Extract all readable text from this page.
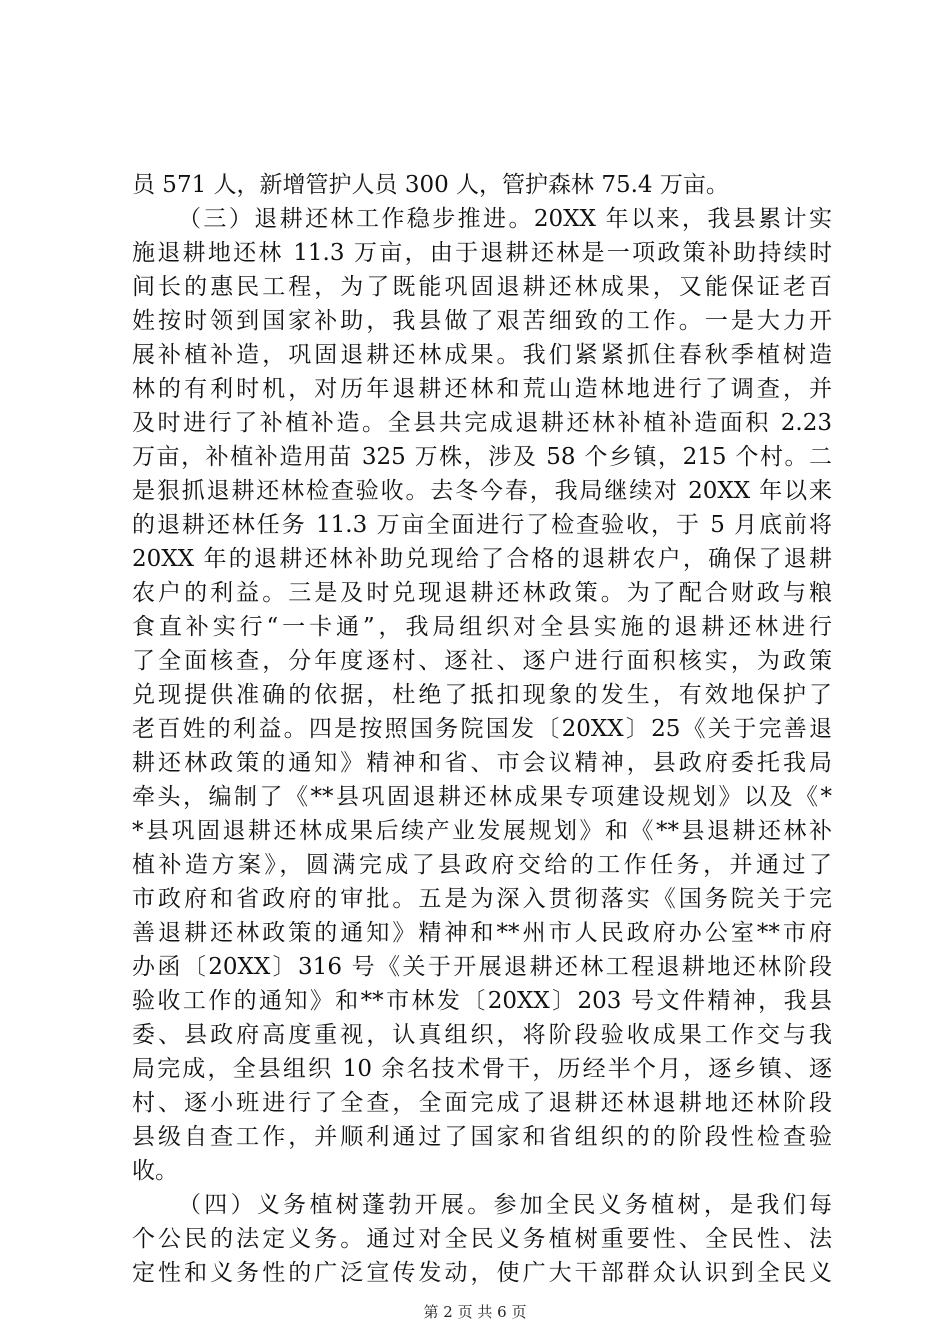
员 571 人，新增管护人员 300 人，管护森林 75.4 万亩。
（三）退耕还林工作稳步推进。20XX 年以来，我县累计实
施退耕地还林 11.3 万亩，由于退耕还林是一项政策补助持续时
间长的惠民工程，为了既能巩固退耕还林成果，又能保证老百
姓按时领到国家补助，我县做了艰苦细致的工作。一是大力开
展补植补造，巩固退耕还林成果。我们紧紧抓住春秋季植树造
林的有利时机，对历年退耕还林和荒山造林地进行了调查，并
及时进行了补植补造。全县共完成退耕还林补植补造面积 2.23
万亩，补植补造用苗 325 万株，涉及 58 个乡镇，215 个村。二
是狠抓退耕还林检查验收。去冬今春，我局继续对 20XX 年以来
的退耕还林任务 11.3 万亩全面进行了检查验收，于 5 月底前将
20XX 年的退耕还林补助兑现给了合格的退耕农户，确保了退耕
农户的利益。三是及时兑现退耕还林政策。为了配合财政与粮
食直补实行“一卡通”，我局组织对全县实施的退耕还林进行
了全面核查，分年度逐村、逐社、逐户进行面积核实，为政策
兑现提供准确的依据，杜绝了抵扣现象的发生，有效地保护了
老百姓的利益。四是按照国务院国发〔20XX〕25《关于完善退
耕还林政策的通知》精神和省、市会议精神，县政府委托我局
牵头，编制了《**县巩固退耕还林成果专项建设规划》以及《*
*县巩固退耕还林成果后续产业发展规划》和《**县退耕还林补
植补造方案》，圆满完成了县政府交给的工作任务，并通过了
市政府和省政府的审批。五是为深入贯彻落实《国务院关于完
善退耕还林政策的通知》精神和**州市人民政府办公室**市府
办函〔20XX〕316 号《关于开展退耕还林工程退耕地还林阶段
验收工作的通知》和**市林发〔20XX〕203 号文件精神，我县
委、县政府高度重视，认真组织，将阶段验收成果工作交与我
局完成，全县组织 10 余名技术骨干，历经半个月，逐乡镇、逐
村、逐小班进行了全查，全面完成了退耕还林退耕地还林阶段
县级自查工作，并顺利通过了国家和省组织的的阶段性检查验
收。
（四）义务植树蓬勃开展。参加全民义务植树，是我们每
个公民的法定义务。通过对全民义务植树重要性、全民性、法
定性和义务性的广泛宣传发动，使广大干部群众认识到全民义
第 2 页 共 6 页
